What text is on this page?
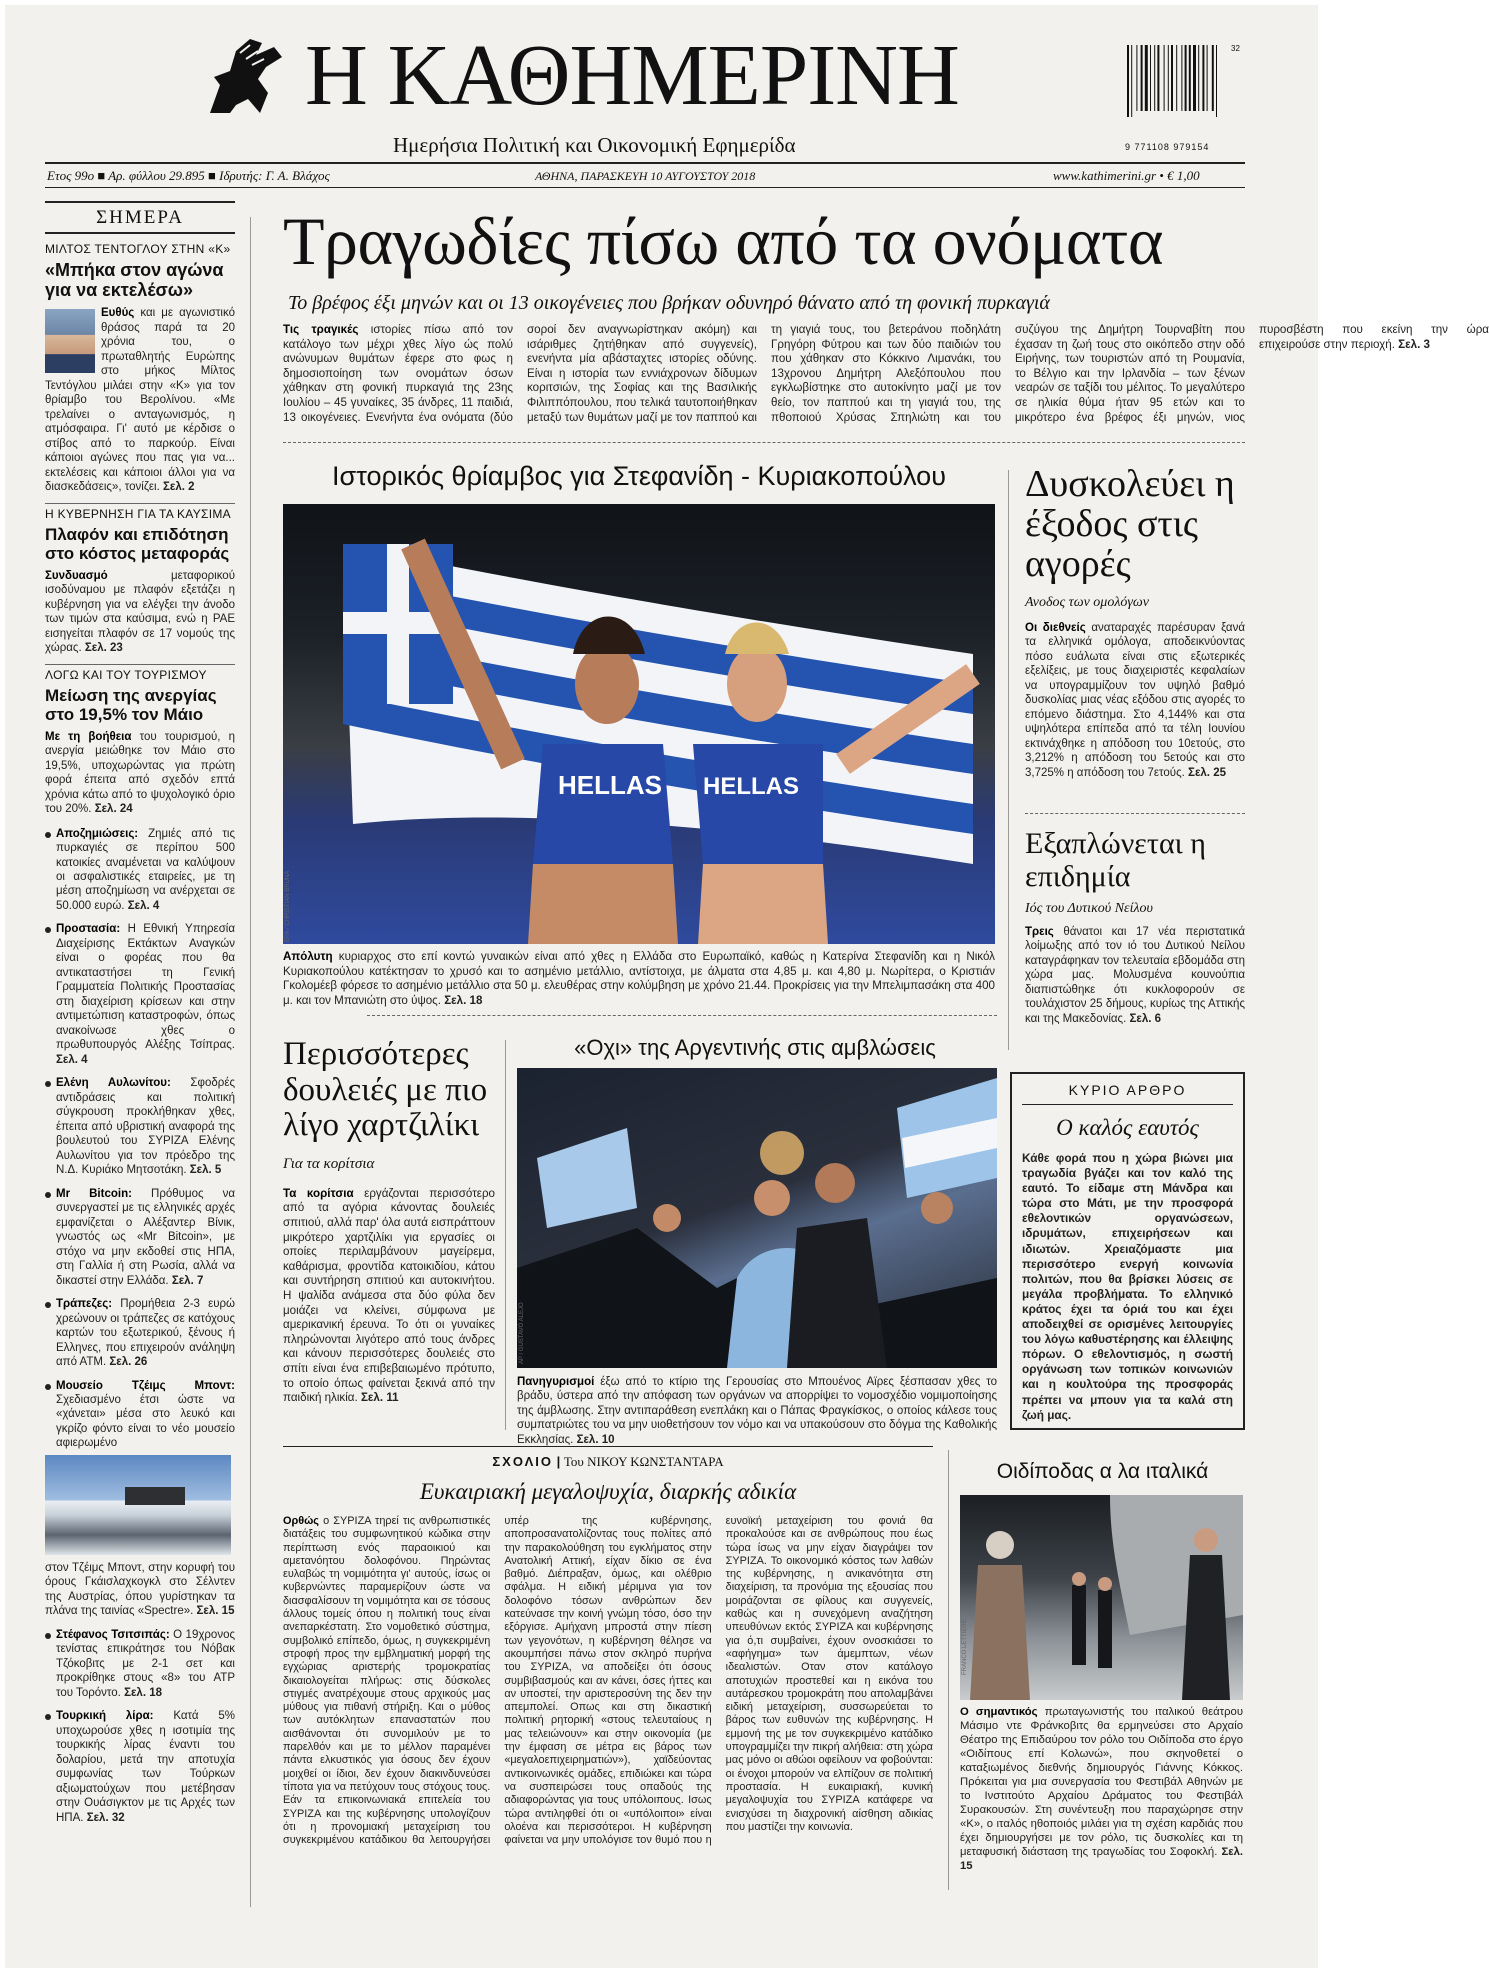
Η ΚΑΘΗΜΕΡΙΝΗ
Ημερήσια Πολιτική και Οικονομική Εφημερίδα	9 771108 979154
32
Ετος 99ο ■ Αρ. φύλλου 29.895 ■ Ιδρυτής: Γ. Α. Βλάχος	ΑΘΗΝΑ, ΠΑΡΑΣΚΕΥΗ 10 ΑΥΓΟΥΣΤΟΥ 2018	www.kathimerini.gr • € 1,00
ΣΗΜΕΡΑ
ΜΙΛΤΟΣ ΤΕΝΤΟΓΛΟΥ ΣΤΗΝ «Κ»
«Μπήκα στον αγώνα για να εκτελέσω»
Ευθύς και με αγωνιστικό θράσος παρά τα 20 χρόνια του, ο πρωταθλητής Ευρώπης στο μήκος Μίλτος Τεντόγλου μιλάει στην «Κ» για τον θρίαμβο του Βερολίνου. «Με τρελαίνει ο ανταγωνισμός, η ατμόσφαιρα. Γι' αυτό με κέρδισε ο στίβος από το παρκούρ. Είναι κάποιοι αγώνες που πας για να... εκτελέσεις και κάποιοι άλλοι για να διασκεδάσεις», τονίζει. Σελ. 2
Η ΚΥΒΕΡΝΗΣΗ ΓΙΑ ΤΑ ΚΑΥΣΙΜΑ
Πλαφόν και επιδότηση στο κόστος μεταφοράς
Συνδυασμό	μεταφορικού ισοδύναμου με πλαφόν εξετάζει η κυβέρνηση για να ελέγξει την άνοδο των τιμών στα καύσιμα, ενώ η ΡΑΕ εισηγείται πλαφόν σε 17 νομούς της χώρας. Σελ. 23
ΛΟΓΩ ΚΑΙ ΤΟΥ ΤΟΥΡΙΣΜΟΥ
Μείωση της ανεργίας στο 19,5% τον Μάιο
Με τη βοήθεια του τουρισμού, η ανεργία μειώθηκε τον Μάιο στο 19,5%, υποχωρώντας για πρώτη φορά έπειτα από σχεδόν επτά χρόνια κάτω από το ψυχολογικό όριο του 20%. Σελ. 24
Αποζημιώσεις: Ζημιές από τις πυρκαγιές σε περίπου 500 κατοικίες αναμένεται να καλύψουν οι ασφαλιστικές εταιρείες, με τη μέση αποζημίωση να ανέρχεται σε 50.000 ευρώ. Σελ. 4
Προστασία: Η Εθνική Υπηρεσία Διαχείρισης Εκτάκτων Αναγκών είναι ο φορέας που θα αντικαταστήσει τη Γενική Γραμματεία Πολιτικής Προστασίας στη διαχείριση κρίσεων και στην αντιμετώπιση καταστροφών, όπως ανακοίνωσε χθες ο πρωθυπουργός Αλέξης Τσίπρας. Σελ. 4
Ελένη Αυλωνίτου: Σφοδρές αντιδράσεις και πολιτική σύγκρουση προκλήθηκαν χθες, έπειτα από υβριστική αναφορά της βουλευτού του ΣΥΡΙΖΑ Ελένης Αυλωνίτου για τον πρόεδρο της Ν.Δ. Κυριάκο Μητσοτάκη. Σελ. 5
Mr Bitcoin: Πρόθυμος να συνεργαστεί με τις ελληνικές αρχές εμφανίζεται ο Αλέξαντερ Βίνικ, γνωστός ως «Mr Bitcoin», με στόχο να μην εκδοθεί στις ΗΠΑ, στη Γαλλία ή στη Ρωσία, αλλά να δικαστεί στην Ελλάδα. Σελ. 7
Τράπεζες: Προμήθεια 2-3 ευρώ χρεώνουν οι τράπεζες σε κατόχους καρτών του εξωτερικού, ξένους ή Ελληνες, που επιχειρούν ανάληψη από ΑΤΜ. Σελ. 26
Μουσείο Τζέιμς Μποντ: Σχεδιασμένο έτσι ώστε να «χάνεται» μέσα στο λευκό και γκρίζο φόντο είναι το νέο μουσείο αφιερωμένο
στον Τζέιμς Μποντ, στην κορυφή του όρους Γκάισλαχκογκλ στο Σέλντεν της Αυστρίας, όπου γυρίστηκαν τα πλάνα της ταινίας «Spectre». Σελ. 15
Στέφανος Τσιτσιπάς: Ο 19χρονος τενίστας επικράτησε του Νόβακ Τζόκοβιτς με 2-1 σετ και προκρίθηκε στους «8» του ATP του Τορόντο. Σελ. 18
Τουρκική λίρα: Κατά 5% υποχωρούσε χθες η ισοτιμία της τουρκικής λίρας έναντι του δολαρίου, μετά την αποτυχία συμφωνίας των Τούρκων αξιωματούχων που μετέβησαν στην Ουάσιγκτον με τις Αρχές των ΗΠΑ. Σελ. 32
Τραγωδίες πίσω από τα ονόματα
Το βρέφος έξι μηνών και οι 13 οικογένειες που βρήκαν οδυνηρό θάνατο από τη φονική πυρκαγιά
Τις τραγικές ιστορίες πίσω από τον κατάλογο των μέχρι χθες λίγο ώς πολύ ανώνυμων θυμάτων έφερε στο φως η δημοσιοποίηση των ονομάτων όσων χάθηκαν στη φονική πυρκαγιά της 23ης Ιουλίου – 45 γυναίκες, 35 άνδρες, 11 παιδιά, 13 οικογένειες. Ενενήντα ένα ονόματα (δύο σοροί δεν αναγνωρίστηκαν ακόμη) και ισάριθμες ζητήθηκαν από συγγενείς), ενενήντα μία αβάσταχτες ιστορίες οδύνης. Είναι η ιστορία των εννιάχρονων δίδυμων κοριτσιών, της Σοφίας και της Βασιλικής Φιλιππόπουλου, που τελικά ταυτοποιήθηκαν μεταξύ των θυμάτων μαζί με τον παππού και τη γιαγιά τους, του βετεράνου ποδηλάτη Γρηγόρη Φύτρου και των δύο παιδιών του που χάθηκαν στο Κόκκινο Λιμανάκι, του 13χρονου Δημήτρη Αλεξόπουλου που εγκλωβίστηκε στο αυτοκίνητο μαζί με τον θείο, τον παππού και τη γιαγιά του, της πθοποιού Χρύσας Σπηλιώτη και του συζύγου της Δημήτρη Τουρναβίτη που έχασαν τη ζωή τους στο οικόπεδο στην οδό Ειρήνης, των τουριστών από τη Ρουμανία, το Βέλγιο και την Ιρλανδία – των ξένων νεαρών σε ταξίδι του μέλιτος. Το μεγαλύτερο σε ηλικία θύμα ήταν 95 ετών και το μικρότερο ένα βρέφος έξι μηνών, νιος πυροσβέστη που εκείνη την ώρα επιχειρούσε στην περιοχή. Σελ. 3
Ιστορικός θρίαμβος για Στεφανίδη - Κυριακοπούλου
HELLAS HELLAS
EPA / CHRISTIAN BRUNA
Απόλυτη κυριαρχος στο επί κοντώ γυναικών είναι από χθες η Ελλάδα στο Ευρωπαϊκό, καθώς η Κατερίνα Στεφανίδη και η Νικόλ Κυριακοπούλου κατέκτησαν το χρυσό και το ασημένιο μετάλλιο, αντίστοιχα, με άλματα στα 4,85 μ. και 4,80 μ. Νωρίτερα, ο Κριστιάν Γκολομέεβ φόρεσε το ασημένιο μετάλλιο στα 50 μ. ελευθέρας στην κολύμβηση με χρόνο 21.44. Προκρίσεις για την Μπελιμπασάκη στα 400 μ. και τον Μπανιώτη στο ύψος. Σελ. 18
Δυσκολεύει η έξοδος στις αγορές
Ανοδος των ομολόγων
Οι διεθνείς αναταραχές παρέσυραν ξανά τα ελληνικά ομόλογα, αποδεικνύοντας πόσο ευάλωτα είναι στις εξωτερικές εξελίξεις, με τους διαχειριστές κεφαλαίων να υπογραμμίζουν τον υψηλό βαθμό δυσκολίας μιας νέας εξόδου στις αγορές το επόμενο διάστημα. Στο 4,144% και στα υψηλότερα επίπεδα από τα τέλη Ιουνίου εκτινάχθηκε η απόδοση του 10ετούς, στο 3,212% η απόδοση του 5ετούς και στο 3,725% η απόδοση του 7ετούς. Σελ. 25
Εξαπλώνεται η επιδημία
Ιός του Δυτικού Νείλου
Τρεις θάνατοι και 17 νέα περιστατικά λοίμωξης από τον ιό του Δυτικού Νείλου καταγράφηκαν τον τελευταία εβδομάδα στη χώρα μας. Μολυσμένα κουνούπια διαπιστώθηκε ότι κυκλοφορούν σε τουλάχιστον 25 δήμους, κυρίως της Αττικής και της Μακεδονίας. Σελ. 6
Περισσότερες δουλειές με πιο λίγο χαρτζιλίκι
Για τα κορίτσια
Τα κορίτσια εργάζονται περισσότερο από τα αγόρια κάνοντας δουλειές σπιτιού, αλλά παρ' όλα αυτά εισπράττουν μικρότερο χαρτζιλίκι για εργασίες οι οποίες περιλαμβάνουν μαγείρεμα, καθάρισμα, φροντίδα κατοικιδίου, κάτου και συντήρηση σπιτιού και αυτοκινήτου. Η ψαλίδα ανάμεσα στα δύο φύλα δεν μοιάζει να κλείνει, σύμφωνα με αμερικανική έρευνα. Το ότι οι γυναίκες πληρώνονται λιγότερο από τους άνδρες και κάνουν περισσότερες δουλειές στο σπίτι είναι ένα επιβεβαιωμένο πρότυπο, το οποίο όπως φαίνεται ξεκινά από την παιδική ηλικία. Σελ. 11
«Οχι» της Αργεντινής στις αμβλώσεις
AP / GUSTAVO ALEJO
Πανηγυρισμοί έξω από το κτίριο της Γερουσίας στο Μπουένος Αϊρες ξέσπασαν χθες το βράδυ, ύστερα από την απόφαση των οργάνων να απορρίψει το νομοσχέδιο νομιμοποίησης της άμβλωσης. Στην αντιπαράθεση ενεπλάκη και ο Πάπας Φραγκίσκος, ο οποίος κάλεσε τους συμπατριώτες του να μην υιοθετήσουν τον νόμο και να υπακούσουν στο δόγμα της Καθολικής Εκκλησίας. Σελ. 10
ΚΥΡΙΟ ΑΡΘΡΟ
Ο καλός εαυτός
Κάθε φορά που η χώρα βιώνει μια τραγωδία βγάζει και τον καλό της εαυτό. Το είδαμε στη Μάνδρα και τώρα στο Μάτι, με την προσφορά εθελοντικών οργανώσεων, ιδρυμάτων, επιχειρήσεων και ιδιωτών. Χρειαζόμαστε μια περισσότερο ενεργή κοινωνία πολιτών, που θα βρίσκει λύσεις σε μεγάλα προβλήματα. Το ελληνικό κράτος έχει τα όριά του και έχει αποδειχθεί σε ορισμένες λειτουργίες του λόγω καθυστέρησης και έλλειψης πόρων. Ο εθελοντισμός, η σωστή οργάνωση των τοπικών κοινωνιών και η κουλτούρα της προσφοράς πρέπει να μπουν για τα καλά στη ζωή μας.
ΣΧΟΛΙΟ | Του ΝΙΚΟΥ ΚΩΝΣΤΑΝΤΑΡΑ
Ευκαιριακή μεγαλοψυχία, διαρκής αδικία
Ορθώς ο ΣΥΡΙΖΑ τηρεί τις ανθρωπιστικές διατάξεις του συμφωνητικού κώδικα στην περίπτωση ενός παραοικιού και αμετανόητου δολοφόνου. Πηρώντας ευλαβώς τη νομιμότητα γι' αυτούς, ίσως οι κυβερνώντες παραμερίζουν ώστε να διασφαλίσουν τη νομιμότητα και σε τόσους άλλους τομείς όπου η πολιτική τους είναι ανεπαρκέστατη. Στο νομοθετικό σύστημα, συμβολικό επίπεδο, όμως, η συγκεκριμένη στροφή προς την εμβληματική μορφή της εγχώριας αριστερής τρομοκρατίας δικαιολογείται πλήρως: στις δύσκολες στιγμές ανατρέχουμε στους αρχικούς μας μύθους για πιθανή στήριξη. Και ο μύθος των αυτόκλητων επαναστατών που αισθάνονται ότι συνομιλούν με το παρελθόν και με το μέλλον παραμένει πάντα ελκυστικός για όσους δεν έχουν μοιχθεί οι ίδιοι, δεν έχουν διακινδυνεύσει τίποτα για να πετύχουν τους στόχους τους. Εάν τα επικοινωνιακά επιτελεία του ΣΥΡΙΖΑ και της κυβέρνησης υπολογίζουν ότι η προνομιακή μεταχείριση του συγκεκριμένου κατάδικου θα λειτουργήσει υπέρ της κυβέρνησης, αποπροσανατολίζοντας τους πολίτες από την παρακολούθηση του εγκλήματος στην Ανατολική Αττική, είχαν δίκιο σε ένα βαθμό. Διέπραξαν, όμως, και ολέθριο σφάλμα. Η ειδική μέριμνα για τον δολοφόνο τόσων ανθρώπων δεν κατεύνασε την κοινή γνώμη τόσο, όσο την εξόργισε. Αμήχανη μπροστά στην πίεση των γεγονότων, η κυβέρνηση θέλησε να ακουμπήσει πάνω στον σκληρό πυρήνα του ΣΥΡΙΖΑ, να αποδείξει ότι όσους συμβιβασμούς και αν κάνει, όσες ήττες και αν υποστεί, την αριστεροσύνη της δεν την απεμπολεί. Οπως και στη δικαστική πολιτική ρητορική «στους τελευταίους η μας τελειώνουν» και στην οικονομία (με την έμφαση σε μέτρα εις βάρος των «μεγαλοεπιχειρηματιών»), χαϊδεύοντας αντικοινωνικές ομάδες, επιδιώκει και τώρα να συσπειρώσει τους οπαδούς της αδιαφορώντας για τους υπόλοιπους. Ισως τώρα αντιληφθεί ότι οι «υπόλοιποι» είναι ολοένα και περισσότεροι. Η κυβέρνηση φαίνεται να μην υπολόγισε τον θυμό που η ευνοϊκή μεταχείριση του φονιά θα προκαλούσε και σε ανθρώπους που έως τώρα ίσως να μην είχαν διαγράψει τον ΣΥΡΙΖΑ. Το οικονομικό κόστος των λαθών της κυβέρνησης, η ανικανότητα στη διαχείριση, τα προνόμια της εξουσίας που μοιράζονται σε φίλους και συγγενείς, καθώς και η συνεχόμενη αναζήτηση υπευθύνων εκτός ΣΥΡΙΖΑ και κυβέρνησης για ό,τι συμβαίνει, έχουν ονοσκιάσει το «αφήγημα» των άμεμπτων, νέων ιδεαλιστών. Οταν στον κατάλογο αποτυχιών προστεθεί και η εικόνα του αυτάρεσκου τρομοκράτη που απολαμβάνει ειδική μεταχείριση, συσσωρεύεται το βάρος των ευθυνών της κυβέρνησης. Η εμμονή της με τον συγκεκριμένο κατάδικο υπογραμμίζει την πικρή αλήθεια: στη χώρα μας μόνο οι αθώοι οφείλουν να φοβούνται: οι ένοχοι μπορούν να ελπίζουν σε πολιτική προστασία. Η ευκαιριακή, κυνική μεγαλοψυχία του ΣΥΡΙΖΑ κατάφερε να ενισχύσει τη διαχρονική αίσθηση αδικίας που μαστίζει την κοινωνία.
Οιδίποδας α λα ιταλικά
FRANCO LETTIERE
Ο σημαντικός πρωταγωνιστής του ιταλικού θεάτρου Μάσιμο ντε Φράνκοβιτς θα ερμηνεύσει στο Αρχαίο Θέατρο της Επιδαύρου τον ρόλο του Οιδίποδα στο έργο «Οιδίπους επί Κολωνώ», που σκηνοθετεί ο καταξιωμένος διεθνής δημιουργός Γιάννης Κόκκος. Πρόκειται για μια συνεργασία του Φεστιβάλ Αθηνών με το Ινστιτούτο Αρχαίου Δράματος του Φεστιβάλ Συρακουσών. Στη συνέντευξη που παραχώρησε στην «Κ», ο ιταλός ηθοποιός μιλάει για τη σχέση καρδιάς που έχει δημιουργήσει με τον ρόλο, τις δυσκολίες και τη μεταφυσική διάσταση της τραγωδίας του Σοφοκλή. Σελ. 15
